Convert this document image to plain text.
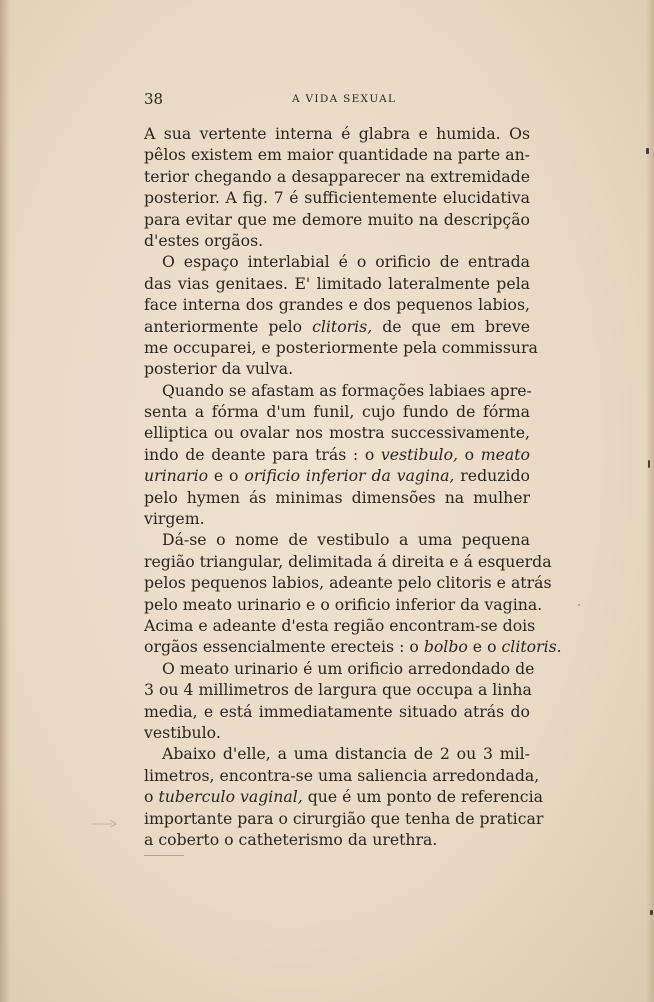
38	A VIDA SEXUAL
A sua vertente interna é glabra e humida. Os
pêlos existem em maior quantidade na parte an-
terior chegando a desapparecer na extremidade
posterior. A fig. 7 é sufficientemente elucidativa
para evitar que me demore muito na descripção
d'estes orgãos.
O espaço interlabial é o orificio de entrada
das vias genitaes. E' limitado lateralmente pela
face interna dos grandes e dos pequenos labios,
anteriormente pelo clitoris, de que em breve
me occuparei, e posteriormente pela commissura
posterior da vulva.
Quando se afastam as formações labiaes apre-
senta a fórma d'um funil, cujo fundo de fórma
elliptica ou ovalar nos mostra successivamente,
indo de deante para trás : o vestibulo, o meato
urinario e o orificio inferior da vagina, reduzido
pelo hymen ás minimas dimensões na mulher
virgem.
Dá-se o nome de vestibulo a uma pequena
região triangular, delimitada á direita e á esquerda
pelos pequenos labios, adeante pelo clitoris e atrás
pelo meato urinario e o orificio inferior da vagina.
Acima e adeante d'esta região encontram-se dois
orgãos essencialmente erecteis : o bolbo e o clitoris.
O meato urinario é um orificio arredondado de
3 ou 4 millimetros de largura que occupa a linha
media, e está immediatamente situado atrás do
vestibulo.
Abaixo d'elle, a uma distancia de 2 ou 3 mil-
limetros, encontra-se uma saliencia arredondada,
o tuberculo vaginal, que é um ponto de referencia
importante para o cirurgião que tenha de praticar
a coberto o catheterismo da urethra.
